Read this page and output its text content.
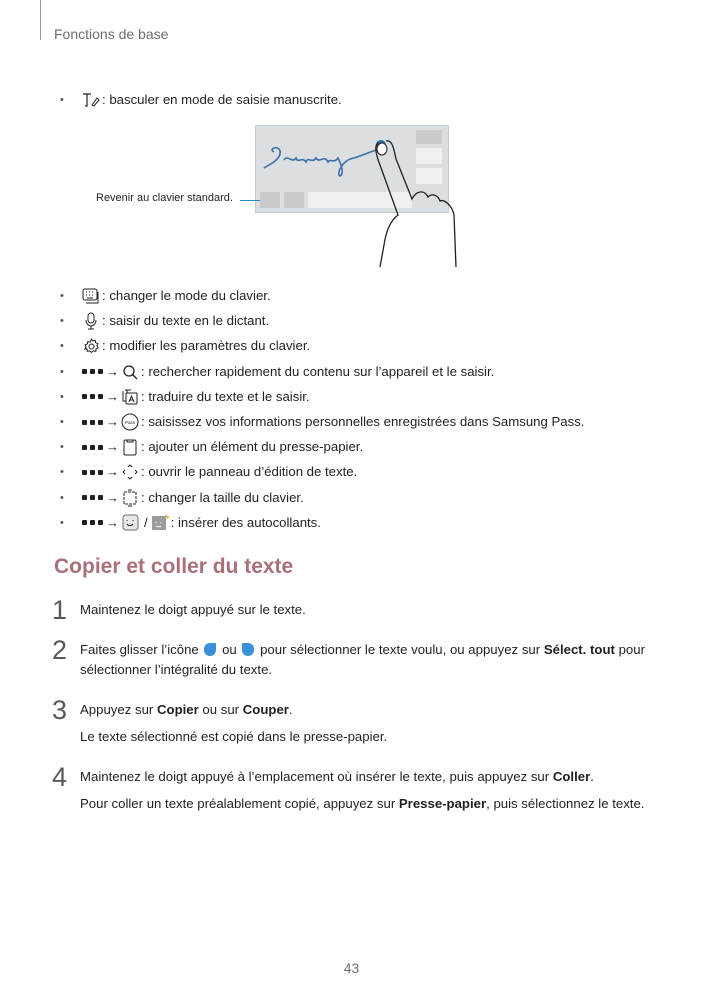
Fonctions de base
•	: basculer en mode de saisie manuscrite.
Revenir au clavier standard.
•	: changer le mode du clavier.
•	: saisir du texte en le dictant.
•	: modifier les paramètres du clavier.
•	→ : rechercher rapidement du contenu sur l’appareil et le saisir.
•	→ : traduire du texte et le saisir.
•	→ Pass : saisissez vos informations personnelles enregistrées dans Samsung Pass.
•	→ : ajouter un élément du presse-papier.
•	→ : ouvrir le panneau d’édition de texte.
•	→ : changer la taille du clavier.
•	→ / : insérer des autocollants.
Copier et coller du texte
1 Maintenez le doigt appuyé sur le texte.
2 Faites glisser l’icône ou pour sélectionner le texte voulu, ou appuyez sur Sélect. tout pour sélectionner l’intégralité du texte.
3 Appuyez sur Copier ou sur Couper.
Le texte sélectionné est copié dans le presse-papier.
4 Maintenez le doigt appuyé à l’emplacement où insérer le texte, puis appuyez sur Coller.
Pour coller un texte préalablement copié, appuyez sur Presse-papier, puis sélectionnez le texte.
43
